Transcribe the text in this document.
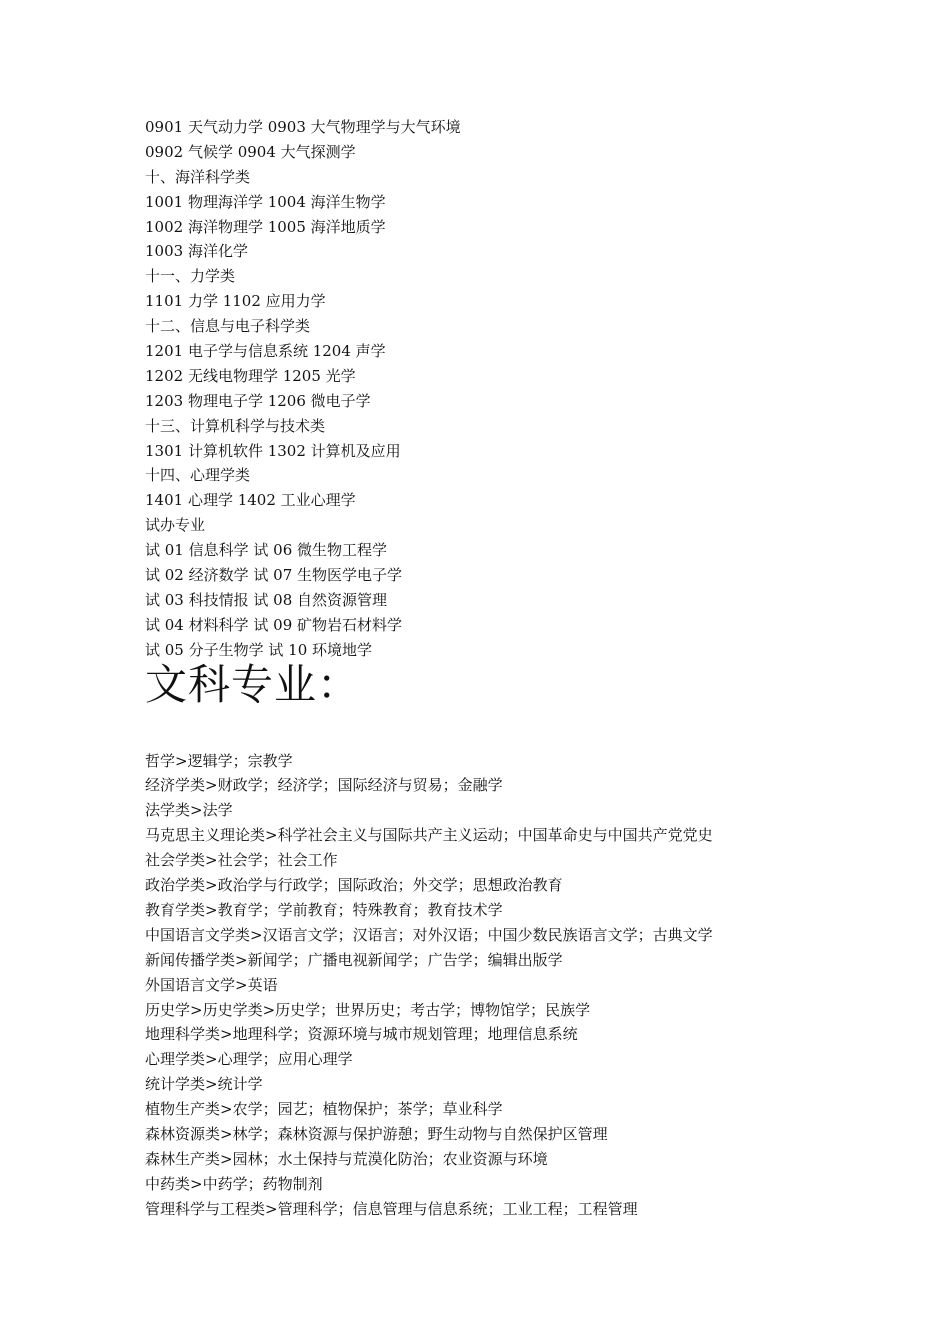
0901 天气动力学 0903 大气物理学与大气环境
0902 气候学 0904 大气探测学
十、海洋科学类
1001 物理海洋学 1004 海洋生物学
1002 海洋物理学 1005 海洋地质学
1003 海洋化学
十一、力学类
1101 力学 1102 应用力学
十二、信息与电子科学类
1201 电子学与信息系统 1204 声学
1202 无线电物理学 1205 光学
1203 物理电子学 1206 微电子学
十三、计算机科学与技术类
1301 计算机软件 1302 计算机及应用
十四、心理学类
1401 心理学 1402 工业心理学
试办专业
试 01 信息科学 试 06 微生物工程学
试 02 经济数学 试 07 生物医学电子学
试 03 科技情报 试 08 自然资源管理
试 04 材料科学 试 09 矿物岩石材料学
试 05 分子生物学 试 10 环境地学
文科专业：
哲学>逻辑学；宗教学
经济学类>财政学；经济学；国际经济与贸易；金融学
法学类>法学
马克思主义理论类>科学社会主义与国际共产主义运动；中国革命史与中国共产党党史
社会学类>社会学；社会工作
政治学类>政治学与行政学；国际政治；外交学；思想政治教育
教育学类>教育学；学前教育；特殊教育；教育技术学
中国语言文学类>汉语言文学；汉语言；对外汉语；中国少数民族语言文学；古典文学
新闻传播学类>新闻学；广播电视新闻学；广告学；编辑出版学
外国语言文学>英语
历史学>历史学类>历史学；世界历史；考古学；博物馆学；民族学
地理科学类>地理科学；资源环境与城市规划管理；地理信息系统
心理学类>心理学；应用心理学
统计学类>统计学
植物生产类>农学；园艺；植物保护；茶学；草业科学
森林资源类>林学；森林资源与保护游憩；野生动物与自然保护区管理
森林生产类>园林；水土保持与荒漠化防治；农业资源与环境
中药类>中药学；药物制剂
管理科学与工程类>管理科学；信息管理与信息系统；工业工程；工程管理
